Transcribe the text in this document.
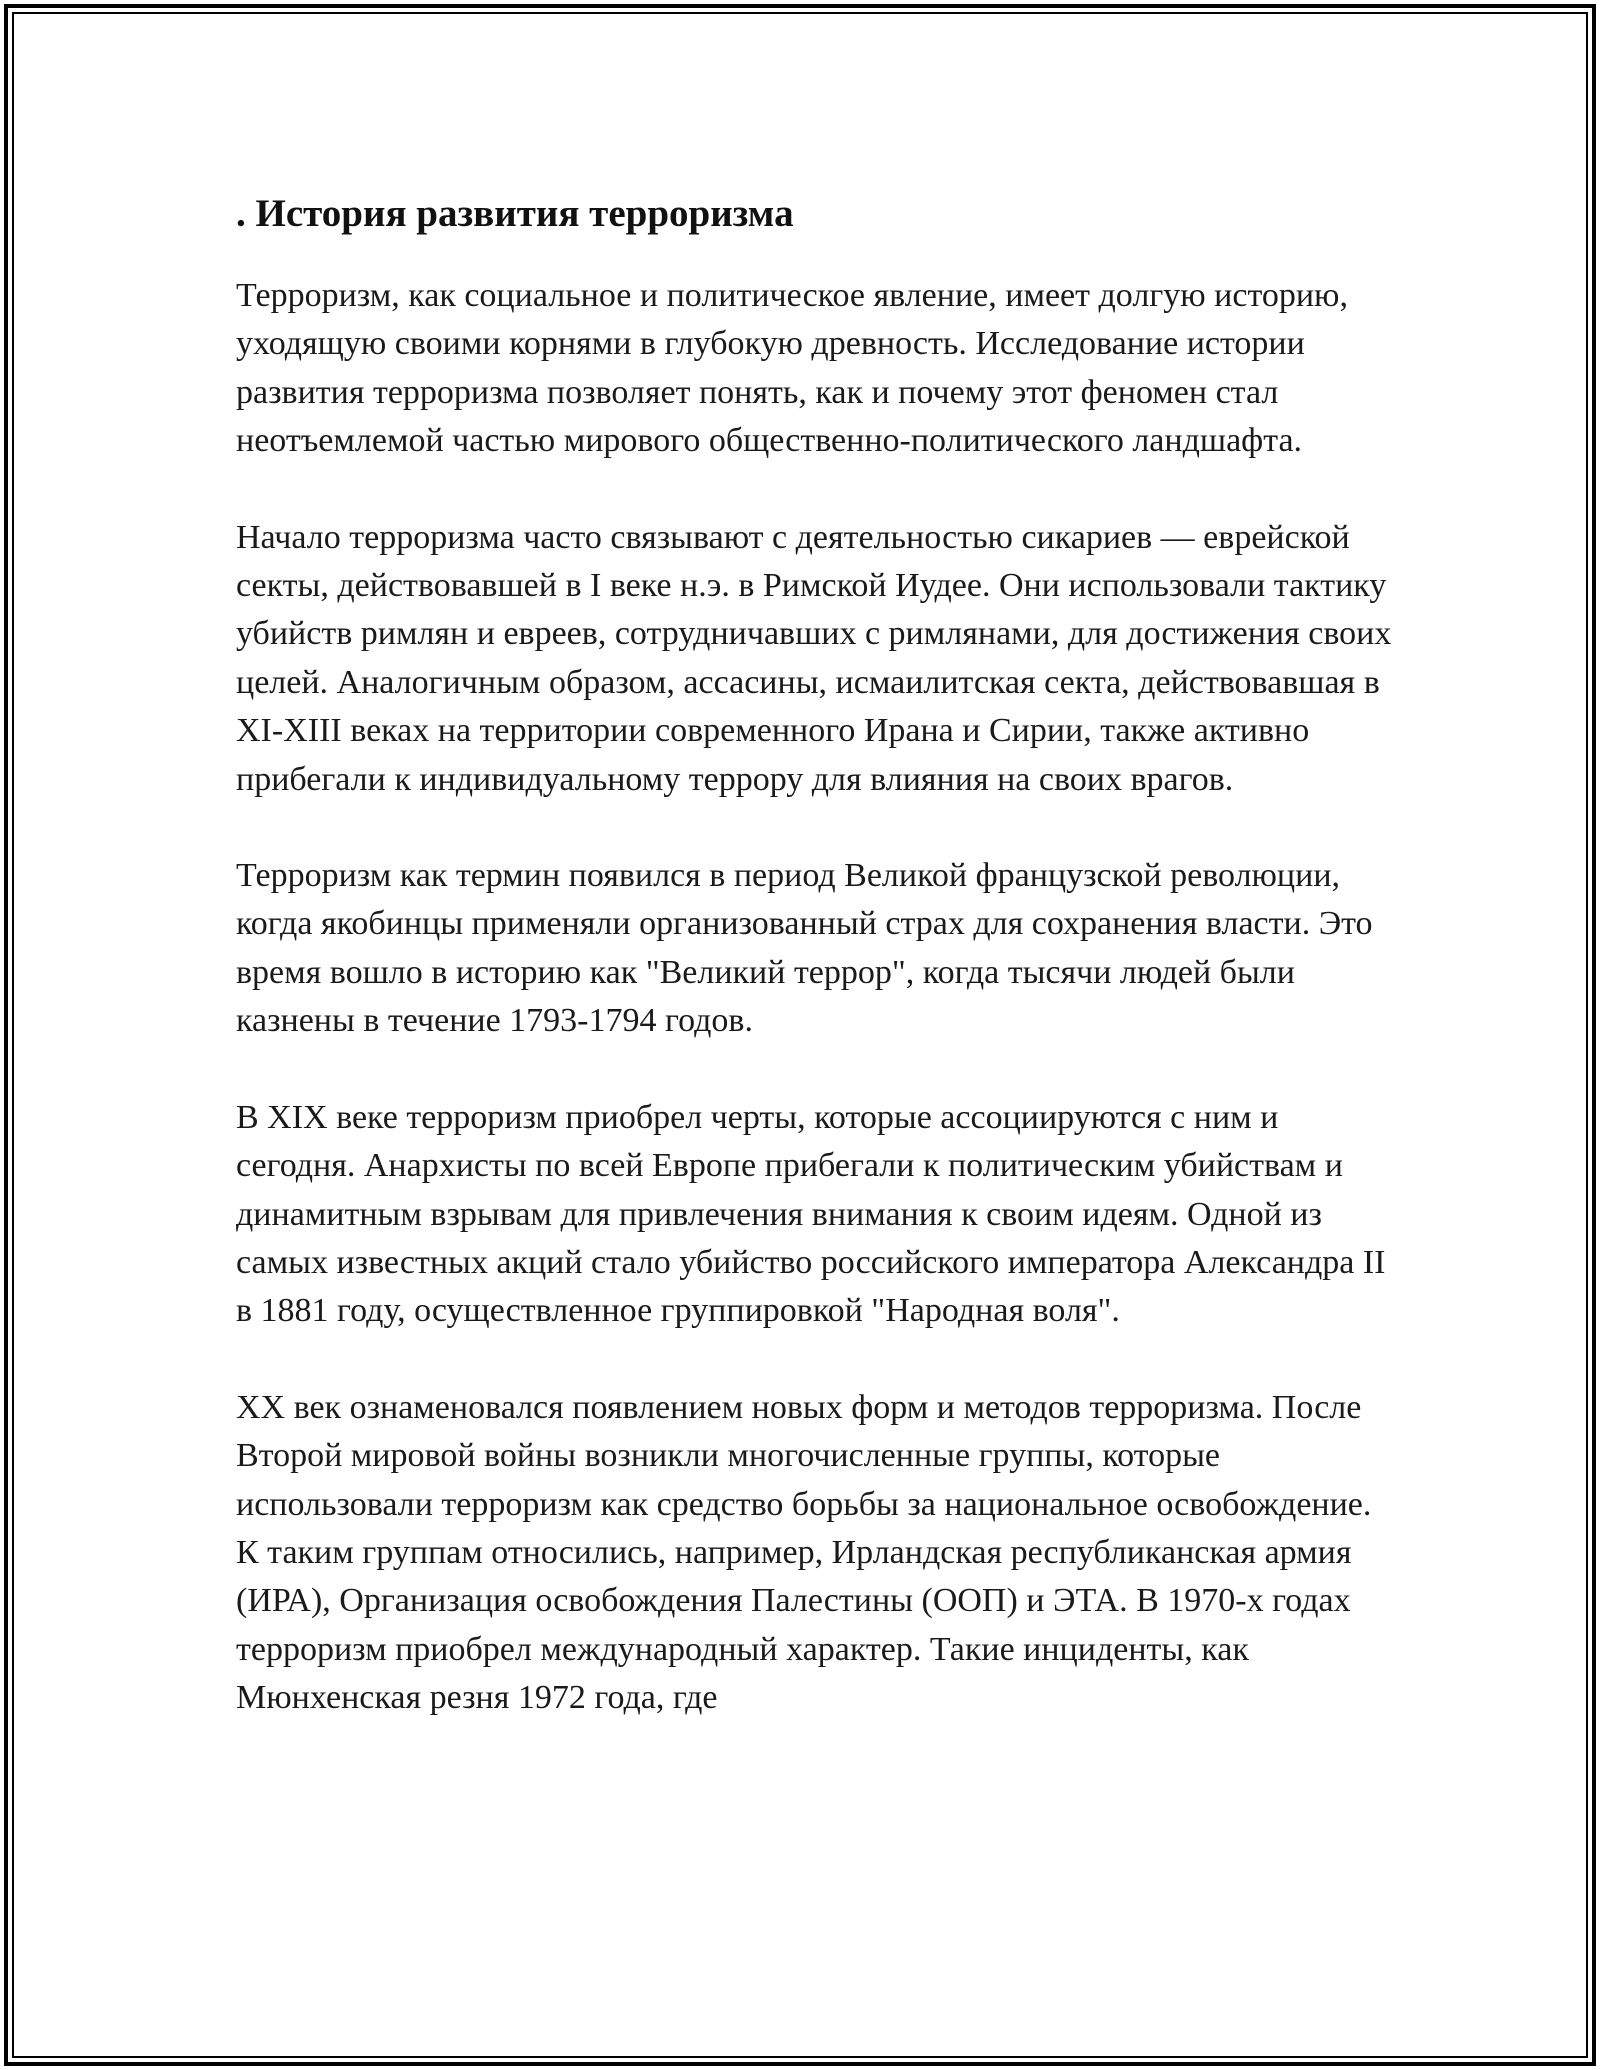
. История развития терроризма

Терроризм, как социальное и политическое явление, имеет долгую историю, уходящую своими корнями в глубокую древность. Исследование истории развития терроризма позволяет понять, как и почему этот феномен стал неотъемлемой частью мирового общественно-политического ландшафта.

Начало терроризма часто связывают с деятельностью сикариев — еврейской секты, действовавшей в I веке н.э. в Римской Иудее. Они использовали тактику убийств римлян и евреев, сотрудничавших с римлянами, для достижения своих целей. Аналогичным образом, ассасины, исмаилитская секта, действовавшая в XI-XIII веках на территории современного Ирана и Сирии, также активно прибегали к индивидуальному террору для влияния на своих врагов.

Терроризм как термин появился в период Великой французской революции, когда якобинцы применяли организованный страх для сохранения власти. Это время вошло в историю как "Великий террор", когда тысячи людей были казнены в течение 1793-1794 годов.

В XIX веке терроризм приобрел черты, которые ассоциируются с ним и сегодня. Анархисты по всей Европе прибегали к политическим убийствам и динамитным взрывам для привлечения внимания к своим идеям. Одной из самых известных акций стало убийство российского императора Александра II в 1881 году, осуществленное группировкой "Народная воля".

XX век ознаменовался появлением новых форм и методов терроризма. После Второй мировой войны возникли многочисленные группы, которые использовали терроризм как средство борьбы за национальное освобождение. К таким группам относились, например, Ирландская республиканская армия (ИРА), Организация освобождения Палестины (ООП) и ЭТА. В 1970-х годах терроризм приобрел международный характер. Такие инциденты, как Мюнхенская резня 1972 года, где
